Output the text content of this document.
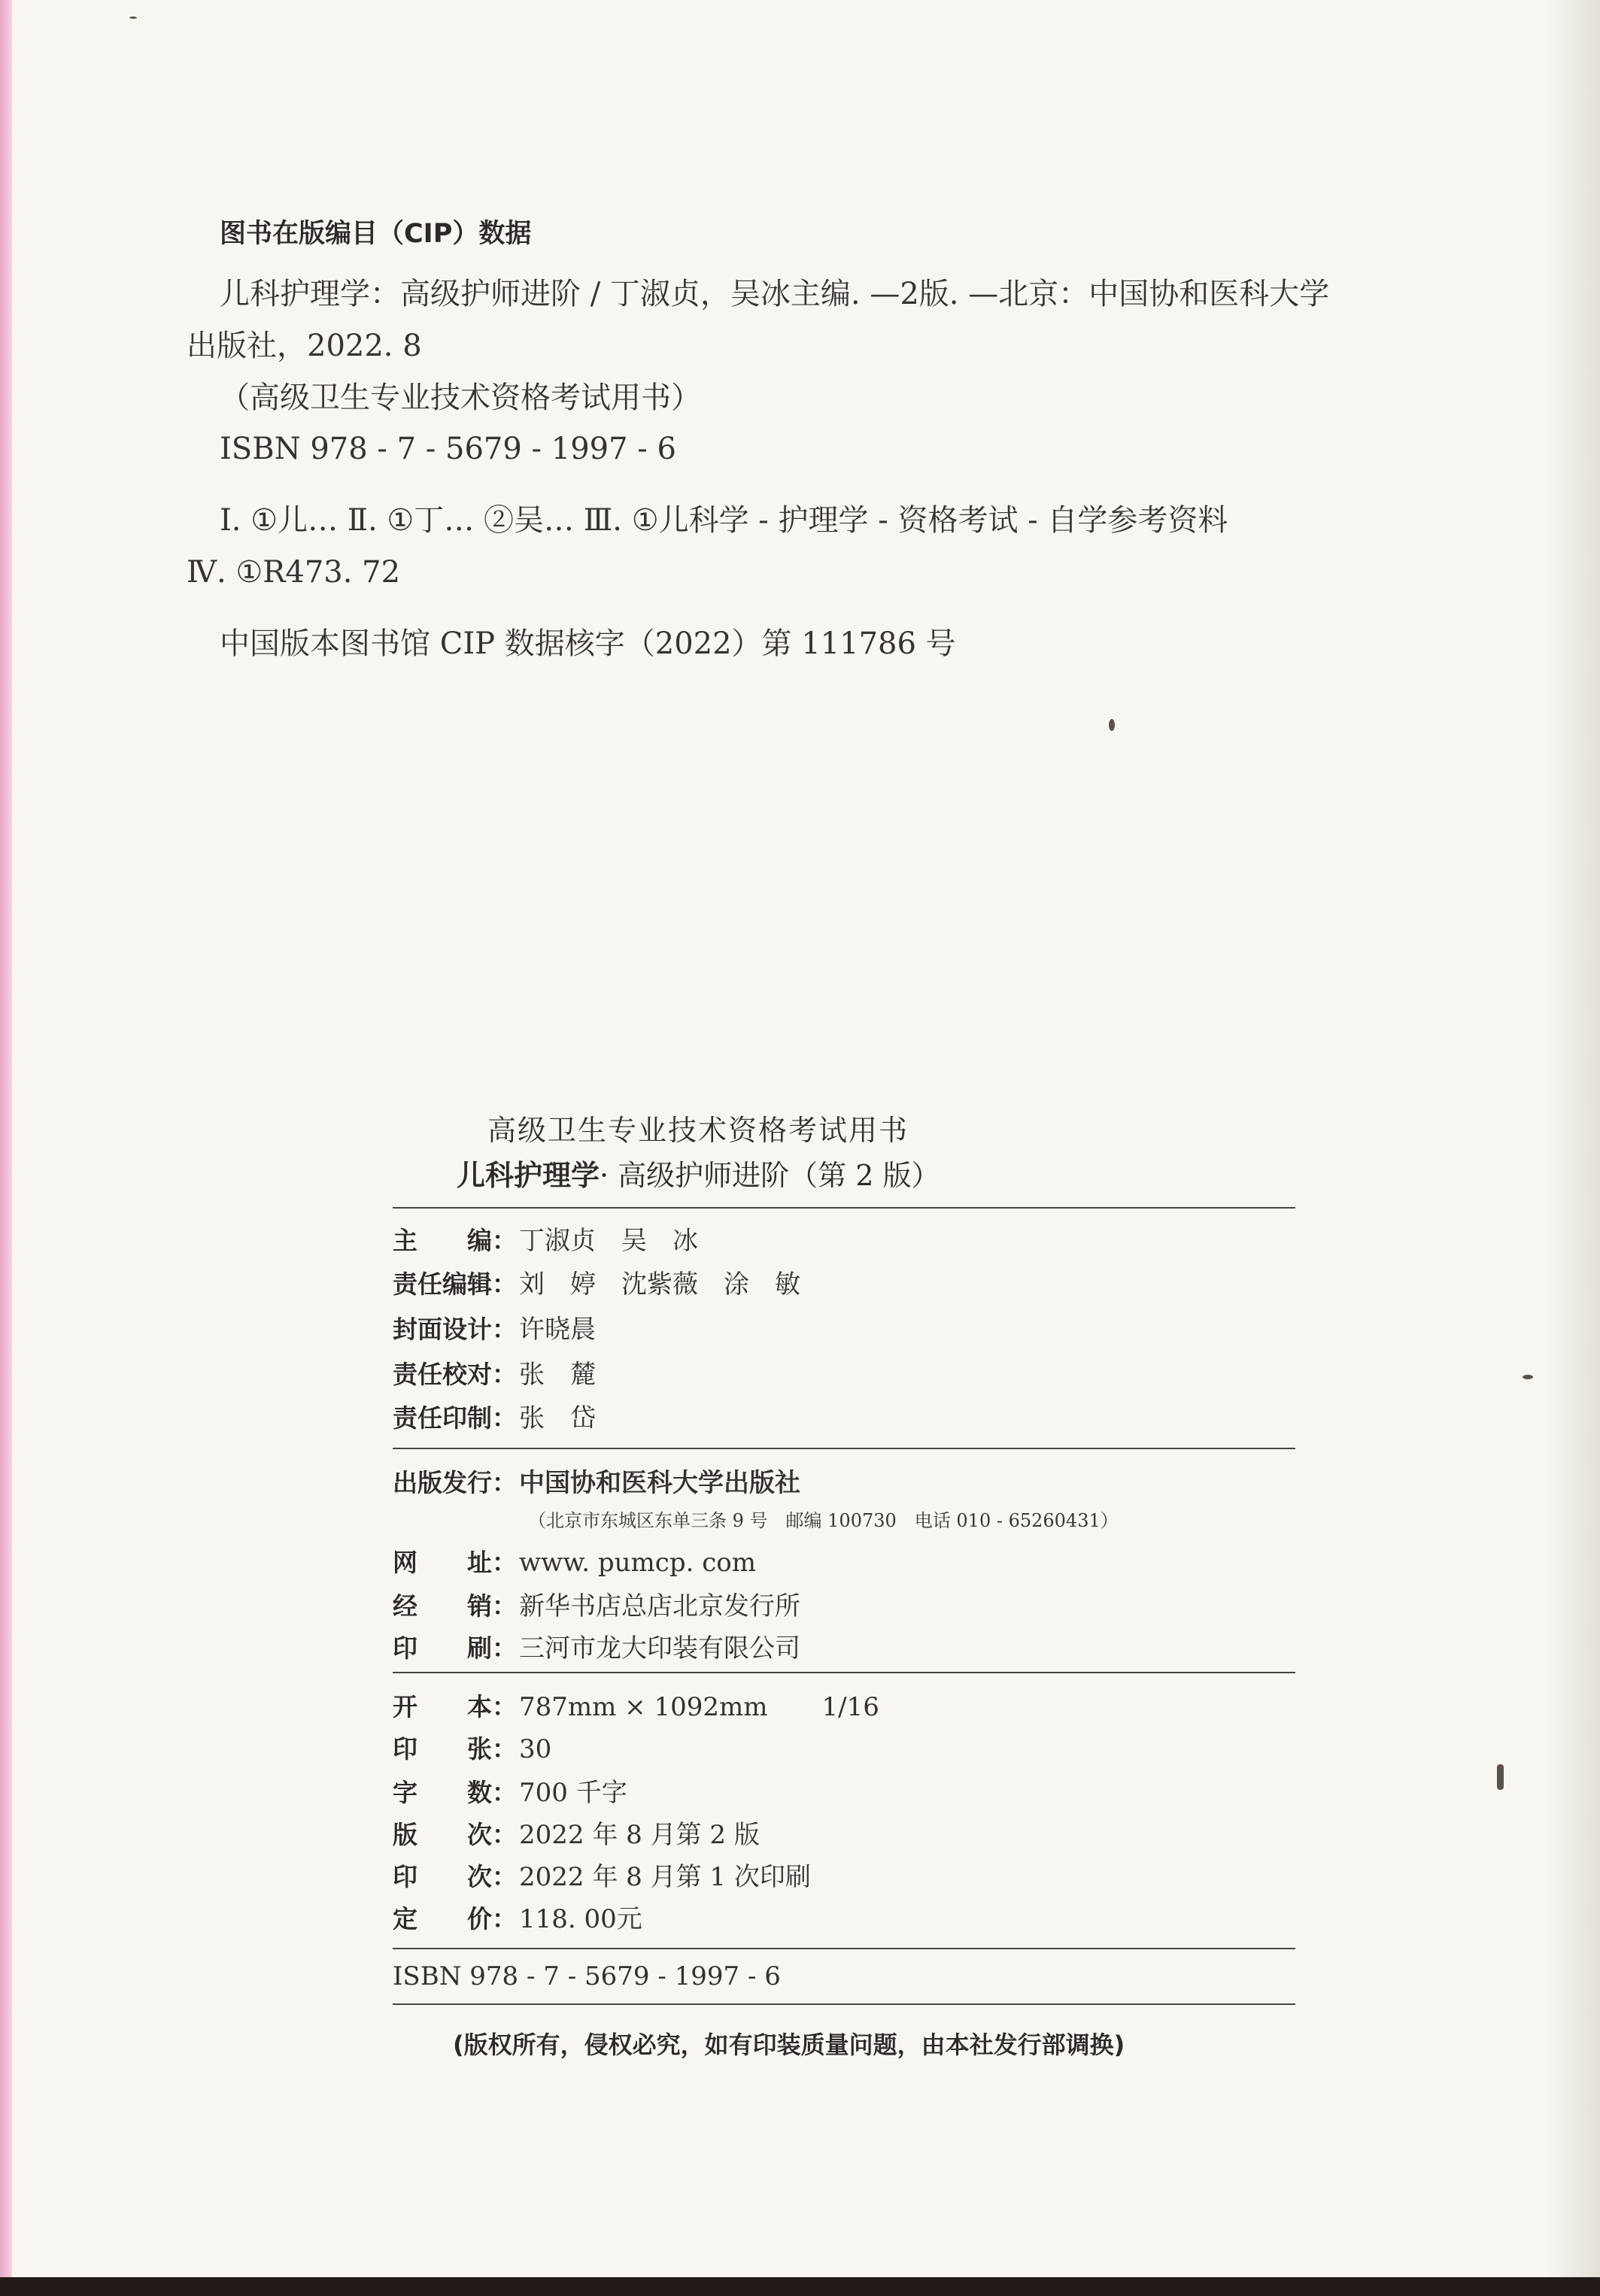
图书在版编目（CIP）数据
儿科护理学：高级护师进阶 / 丁淑贞，吴冰主编. —2版. —北京：中国协和医科大学
出版社，2022. 8
（高级卫生专业技术资格考试用书）
ISBN 978 - 7 - 5679 - 1997 - 6
Ⅰ. ①儿… Ⅱ. ①丁… ②吴… Ⅲ. ①儿科学 - 护理学 - 资格考试 - 自学参考资料
Ⅳ. ①R473. 72
中国版本图书馆 CIP 数据核字（2022）第 111786 号
高级卫生专业技术资格考试用书
儿科护理学· 高级护师进阶（第 2 版）
主　　编：丁淑贞　吴　冰
责任编辑：刘　婷　沈紫薇　涂　敏
封面设计：许晓晨
责任校对：张　麓
责任印制：张　岱
出版发行：中国协和医科大学出版社
（北京市东城区东单三条 9 号　邮编 100730　电话 010 - 65260431）
网　　址：www. pumcp. com
经　　销：新华书店总店北京发行所
印　　刷：三河市龙大印装有限公司
开　　本：787mm × 1092mm 1/16
印　　张：30
字　　数：700 千字
版　　次：2022 年 8 月第 2 版
印　　次：2022 年 8 月第 1 次印刷
定　　价：118. 00元
ISBN 978 - 7 - 5679 - 1997 - 6
(版权所有，侵权必究，如有印装质量问题，由本社发行部调换)
